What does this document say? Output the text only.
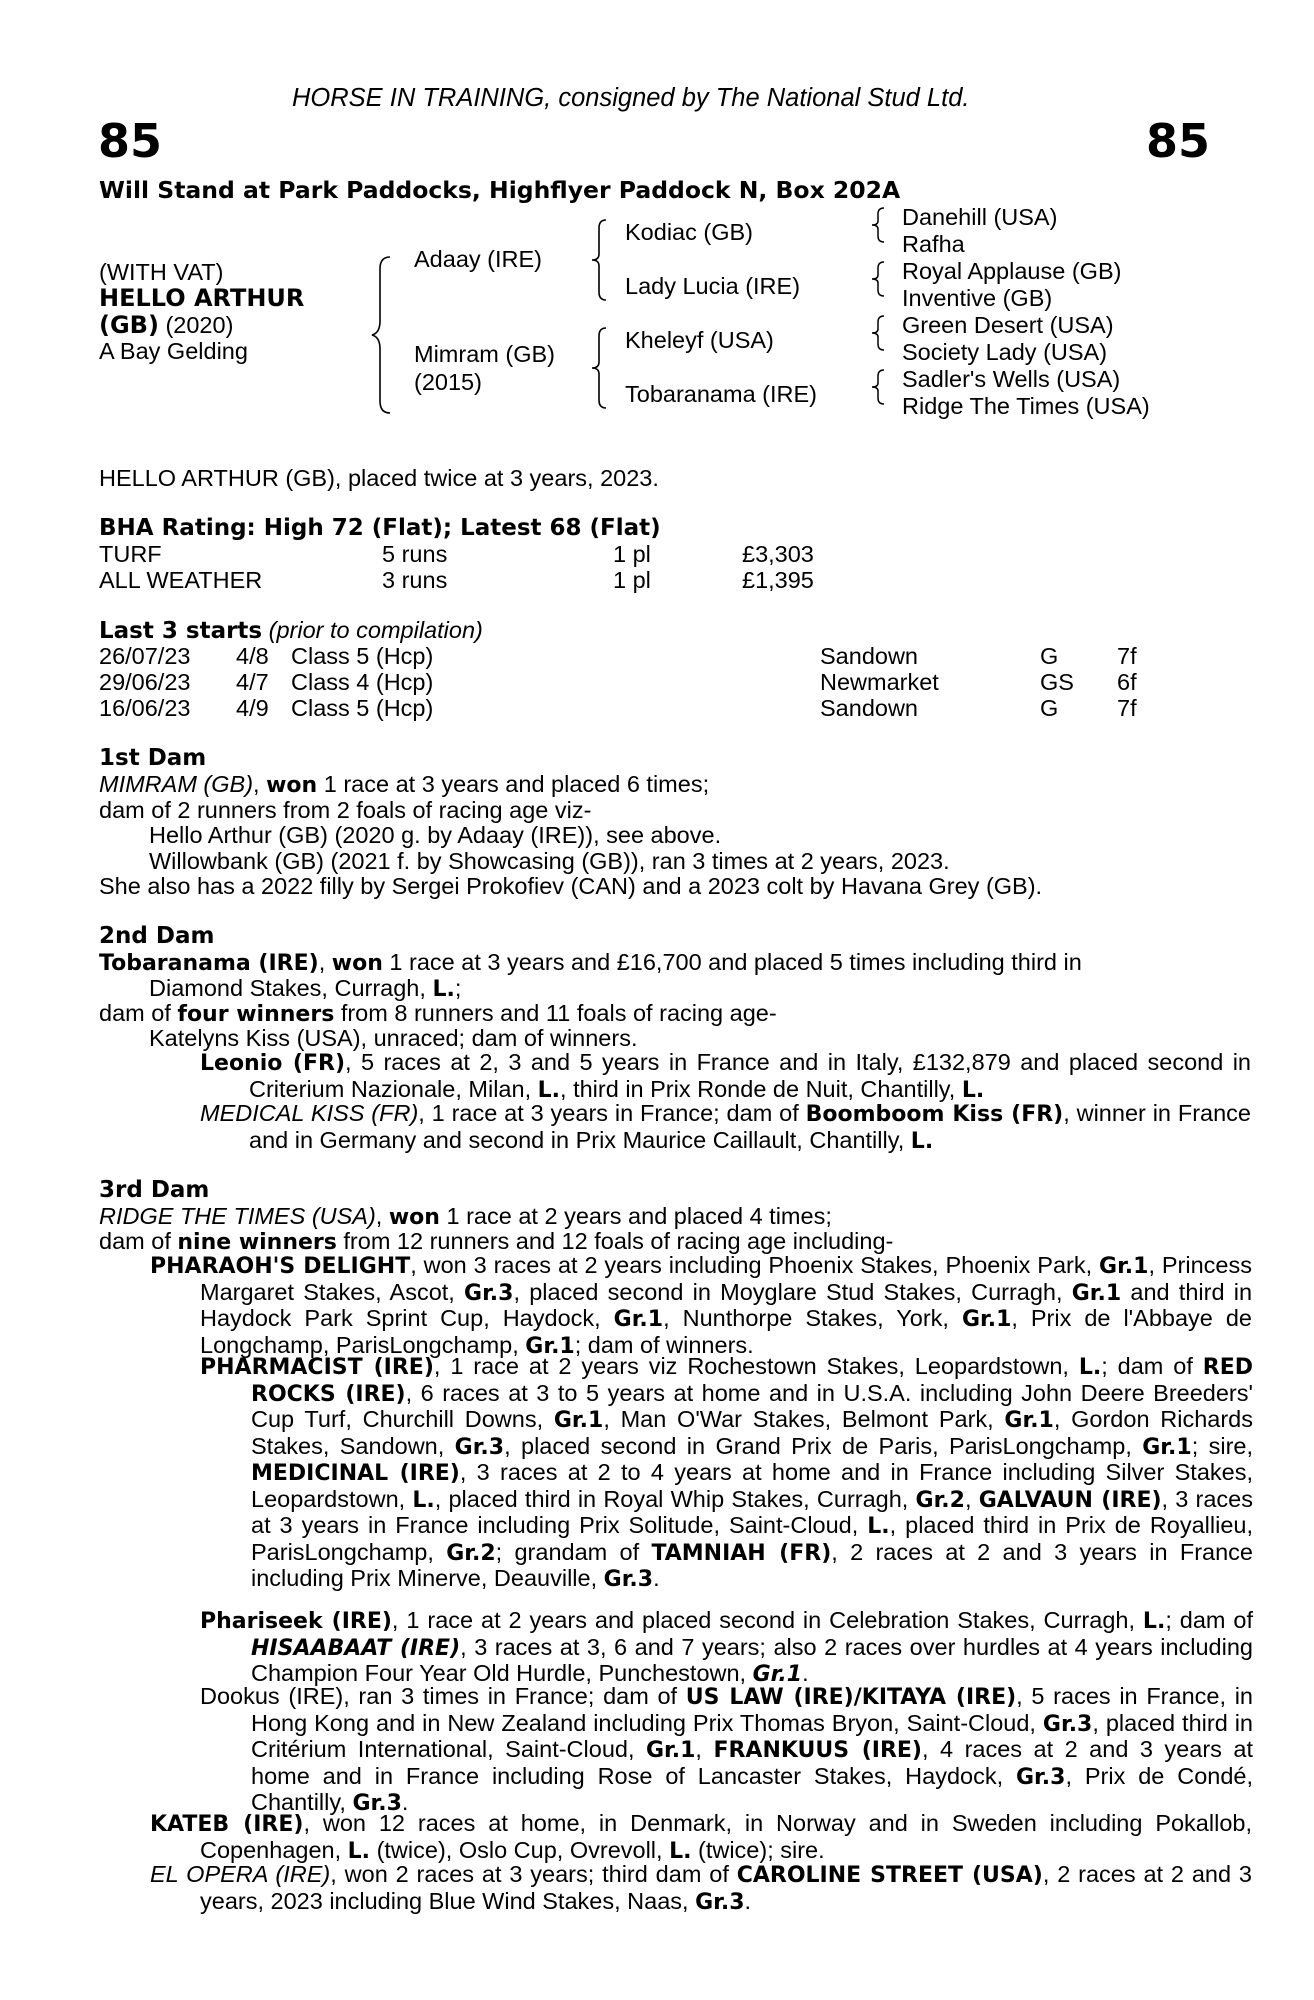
HORSE IN TRAINING, consigned by The National Stud Ltd.
85	85
Will Stand at Park Paddocks, Highflyer Paddock N, Box 202A
(WITH VAT)
HELLO ARTHUR
(GB) (2020)
A Bay Gelding
Adaay (IRE)
Mimram (GB)
(2015)
Kodiac (GB)
Lady Lucia (IRE)
Kheleyf (USA)
Tobaranama (IRE)
Danehill (USA)
Rafha
Royal Applause (GB)
Inventive (GB)
Green Desert (USA)
Society Lady (USA)
Sadler's Wells (USA)
Ridge The Times (USA)
HELLO ARTHUR (GB), placed twice at 3 years, 2023.
BHA Rating: High 72 (Flat); Latest 68 (Flat)
TURF	5 runs	1 pl	£3,303
ALL WEATHER	3 runs	1 pl	£1,395
Last 3 starts (prior to compilation)
26/07/23 4/8 Class 5 (Hcp)	Sandown	G 7f
29/06/23 4/7 Class 4 (Hcp)	Newmarket	GS 6f
16/06/23 4/9 Class 5 (Hcp)	Sandown	G 7f
1st Dam
MIMRAM (GB), won 1 race at 3 years and placed 6 times;
dam of 2 runners from 2 foals of racing age viz-
Hello Arthur (GB) (2020 g. by Adaay (IRE)), see above.
Willowbank (GB) (2021 f. by Showcasing (GB)), ran 3 times at 2 years, 2023.
She also has a 2022 filly by Sergei Prokofiev (CAN) and a 2023 colt by Havana Grey (GB).
2nd Dam
Tobaranama (IRE), won 1 race at 3 years and £16,700 and placed 5 times including third in
Diamond Stakes, Curragh, L.;
dam of four winners from 8 runners and 11 foals of racing age-
Katelyns Kiss (USA), unraced; dam of winners.
Leonio (FR), 5 races at 2, 3 and 5 years in France and in Italy, £132,879 and placed second in Criterium Nazionale, Milan, L., third in Prix Ronde de Nuit, Chantilly, L.
MEDICAL KISS (FR), 1 race at 3 years in France; dam of Boomboom Kiss (FR), winner in France and in Germany and second in Prix Maurice Caillault, Chantilly, L.
3rd Dam
RIDGE THE TIMES (USA), won 1 race at 2 years and placed 4 times;
dam of nine winners from 12 runners and 12 foals of racing age including-
PHARAOH'S DELIGHT, won 3 races at 2 years including Phoenix Stakes, Phoenix Park, Gr.1, Princess Margaret Stakes, Ascot, Gr.3, placed second in Moyglare Stud Stakes, Curragh, Gr.1 and third in Haydock Park Sprint Cup, Haydock, Gr.1, Nunthorpe Stakes, York, Gr.1, Prix de l'Abbaye de Longchamp, ParisLongchamp, Gr.1; dam of winners.
PHARMACIST (IRE), 1 race at 2 years viz Rochestown Stakes, Leopardstown, L.; dam of RED ROCKS (IRE), 6 races at 3 to 5 years at home and in U.S.A. including John Deere Breeders' Cup Turf, Churchill Downs, Gr.1, Man O'War Stakes, Belmont Park, Gr.1, Gordon Richards Stakes, Sandown, Gr.3, placed second in Grand Prix de Paris, ParisLongchamp, Gr.1; sire, MEDICINAL (IRE), 3 races at 2 to 4 years at home and in France including Silver Stakes, Leopardstown, L., placed third in Royal Whip Stakes, Curragh, Gr.2, GALVAUN (IRE), 3 races at 3 years in France including Prix Solitude, Saint-Cloud, L., placed third in Prix de Royallieu, ParisLongchamp, Gr.2; grandam of TAMNIAH (FR), 2 races at 2 and 3 years in France including Prix Minerve, Deauville, Gr.3.
Phariseek (IRE), 1 race at 2 years and placed second in Celebration Stakes, Curragh, L.; dam of HISAABAAT (IRE), 3 races at 3, 6 and 7 years; also 2 races over hurdles at 4 years including Champion Four Year Old Hurdle, Punchestown, Gr.1.
Dookus (IRE), ran 3 times in France; dam of US LAW (IRE)/KITAYA (IRE), 5 races in France, in Hong Kong and in New Zealand including Prix Thomas Bryon, Saint-Cloud, Gr.3, placed third in Critérium International, Saint-Cloud, Gr.1, FRANKUUS (IRE), 4 races at 2 and 3 years at home and in France including Rose of Lancaster Stakes, Haydock, Gr.3, Prix de Condé, Chantilly, Gr.3.
KATEB (IRE), won 12 races at home, in Denmark, in Norway and in Sweden including Pokallob, Copenhagen, L. (twice), Oslo Cup, Ovrevoll, L. (twice); sire.
EL OPERA (IRE), won 2 races at 3 years; third dam of CAROLINE STREET (USA), 2 races at 2 and 3 years, 2023 including Blue Wind Stakes, Naas, Gr.3.
